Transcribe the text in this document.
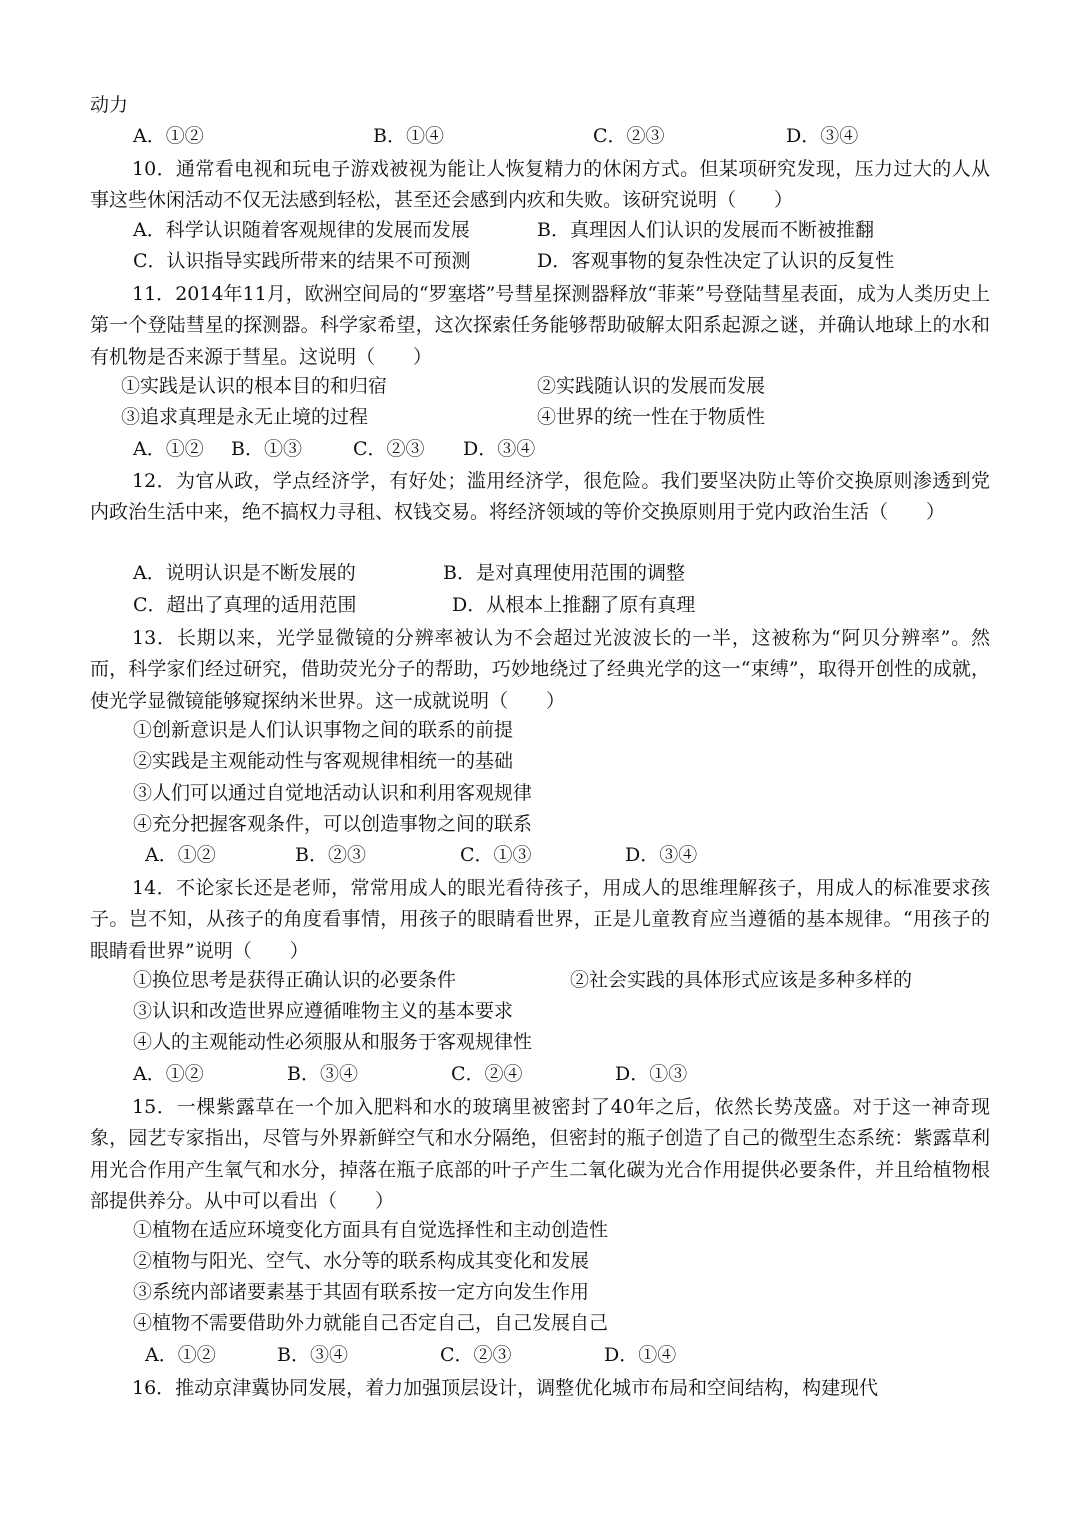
动力
A．①②	B．①④	C．②③	D．③④
10．通常看电视和玩电子游戏被视为能让人恢复精力的休闲方式。但某项研究发现，压力过大的人从事这些休闲活动不仅无法感到轻松，甚至还会感到内疚和失败。该研究说明（　　）
A．科学认识随着客观规律的发展而发展	B．真理因人们认识的发展而不断被推翻
C．认识指导实践所带来的结果不可预测	D．客观事物的复杂性决定了认识的反复性
11．2014年11月，欧洲空间局的“罗塞塔”号彗星探测器释放“菲莱”号登陆彗星表面，成为人类历史上第一个登陆彗星的探测器。科学家希望，这次探索任务能够帮助破解太阳系起源之谜，并确认地球上的水和有机物是否来源于彗星。这说明（　　）
①实践是认识的根本目的和归宿	②实践随认识的发展而发展
③追求真理是永无止境的过程	④世界的统一性在于物质性
A．①② B．①③	C．②③ D．③④
12．为官从政，学点经济学，有好处；滥用经济学，很危险。我们要坚决防止等价交换原则渗透到党内政治生活中来，绝不搞权力寻租、权钱交易。将经济领域的等价交换原则用于党内政治生活（　　）
A．说明认识是不断发展的	B．是对真理使用范围的调整
C．超出了真理的适用范围	D．从根本上推翻了原有真理
13．长期以来，光学显微镜的分辨率被认为不会超过光波波长的一半，这被称为“阿贝分辨率”。然而，科学家们经过研究，借助荧光分子的帮助，巧妙地绕过了经典光学的这一“束缚”，取得开创性的成就，使光学显微镜能够窥探纳米世界。这一成就说明（　　）
①创新意识是人们认识事物之间的联系的前提
②实践是主观能动性与客观规律相统一的基础
③人们可以通过自觉地活动认识和利用客观规律
④充分把握客观条件，可以创造事物之间的联系
A．①②	B．②③	C．①③	D．③④
14．不论家长还是老师，常常用成人的眼光看待孩子，用成人的思维理解孩子，用成人的标准要求孩子。岂不知，从孩子的角度看事情，用孩子的眼睛看世界，正是儿童教育应当遵循的基本规律。“用孩子的眼睛看世界”说明（　　）
①换位思考是获得正确认识的必要条件	②社会实践的具体形式应该是多种多样的
③认识和改造世界应遵循唯物主义的基本要求
④人的主观能动性必须服从和服务于客观规律性
A．①②	B．③④	C．②④	D．①③
15．一棵紫露草在一个加入肥料和水的玻璃里被密封了40年之后，依然长势茂盛。对于这一神奇现象，园艺专家指出，尽管与外界新鲜空气和水分隔绝，但密封的瓶子创造了自己的微型生态系统：紫露草利用光合作用产生氧气和水分，掉落在瓶子底部的叶子产生二氧化碳为光合作用提供必要条件，并且给植物根部提供养分。从中可以看出（　　）
①植物在适应环境变化方面具有自觉选择性和主动创造性
②植物与阳光、空气、水分等的联系构成其变化和发展
③系统内部诸要素基于其固有联系按一定方向发生作用
④植物不需要借助外力就能自己否定自己，自己发展自己
A．①②	B．③④	C．②③	D．①④
16．推动京津冀协同发展，着力加强顶层设计，调整优化城市布局和空间结构，构建现代
